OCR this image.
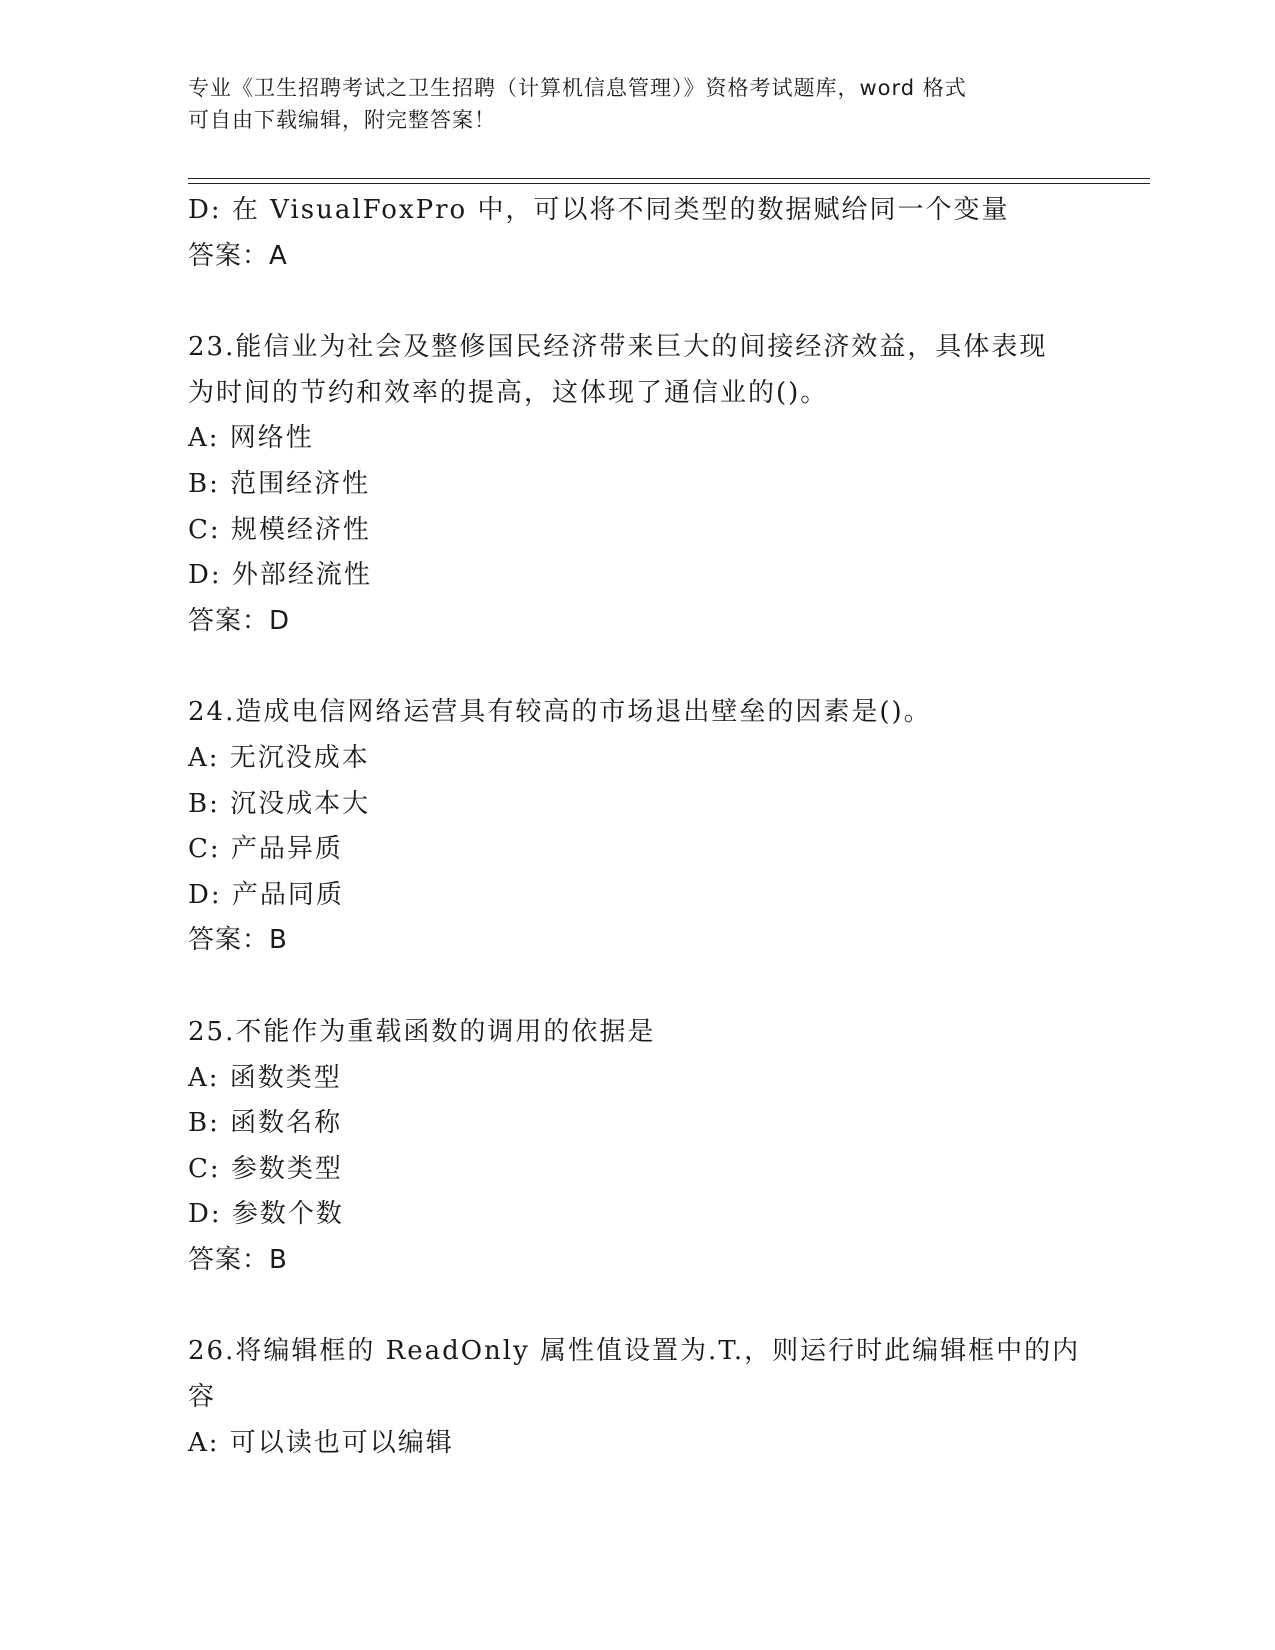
专业《卫生招聘考试之卫生招聘（计算机信息管理）》资格考试题库，word 格式
可自由下载编辑，附完整答案！
D: 在 VisualFoxPro 中，可以将不同类型的数据赋给同一个变量
答案：A
23.能信业为社会及整修国民经济带来巨大的间接经济效益，具体表现
为时间的节约和效率的提高，这体现了通信业的()。
A: 网络性
B: 范围经济性
C: 规模经济性
D: 外部经流性
答案：D
24.造成电信网络运营具有较高的市场退出壁垒的因素是()。
A: 无沉没成本
B: 沉没成本大
C: 产品异质
D: 产品同质
答案：B
25.不能作为重载函数的调用的依据是
A: 函数类型
B: 函数名称
C: 参数类型
D: 参数个数
答案：B
26.将编辑框的 ReadOnly 属性值设置为.T.，则运行时此编辑框中的内
容
A: 可以读也可以编辑
